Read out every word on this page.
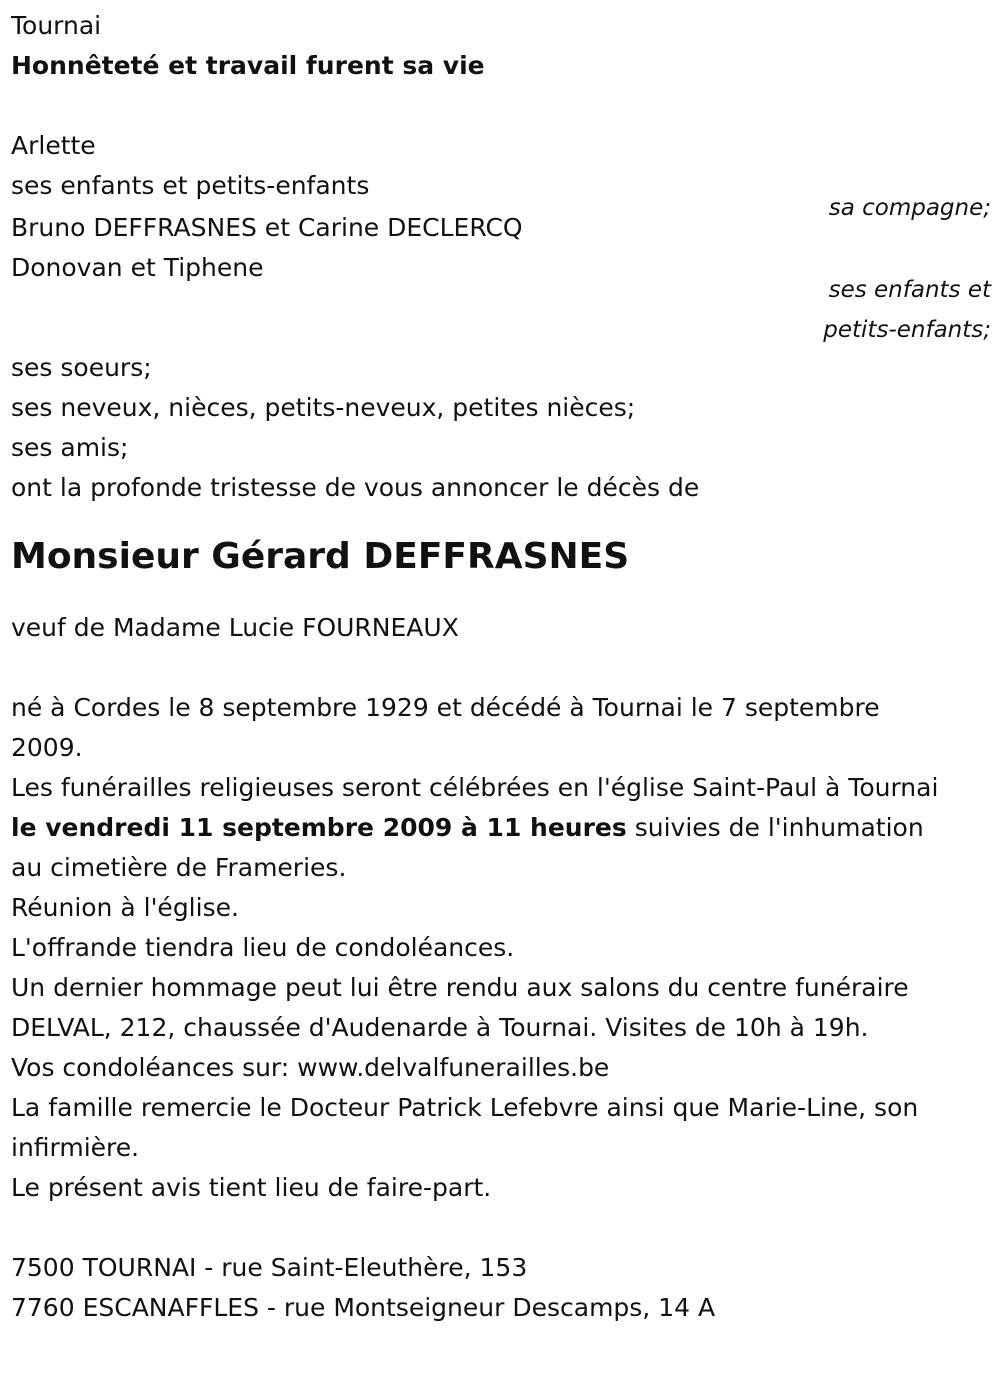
Tournai
Honnêteté et travail furent sa vie
Arlette
ses enfants et petits-enfants
sa compagne;
Bruno DEFFRASNES et Carine DECLERCQ
Donovan et Tiphene
ses enfants et
petits-enfants;
ses soeurs;
ses neveux, nièces, petits-neveux, petites nièces;
ses amis;
ont la profonde tristesse de vous annoncer le décès de
Monsieur Gérard DEFFRASNES
veuf de Madame Lucie FOURNEAUX
né à Cordes le 8 septembre 1929 et décédé à Tournai le 7 septembre 2009.
Les funérailles religieuses seront célébrées en l'église Saint-Paul à Tournai le vendredi 11 septembre 2009 à 11 heures suivies de l'inhumation au cimetière de Frameries.
Réunion à l'église.
L'offrande tiendra lieu de condoléances.
Un dernier hommage peut lui être rendu aux salons du centre funéraire DELVAL, 212, chaussée d'Audenarde à Tournai. Visites de 10h à 19h.
Vos condoléances sur: www.delvalfunerailles.be
La famille remercie le Docteur Patrick Lefebvre ainsi que Marie-Line, son infirmière.
Le présent avis tient lieu de faire-part.
7500 TOURNAI - rue Saint-Eleuthère, 153
7760 ESCANAFFLES - rue Montseigneur Descamps, 14 A
